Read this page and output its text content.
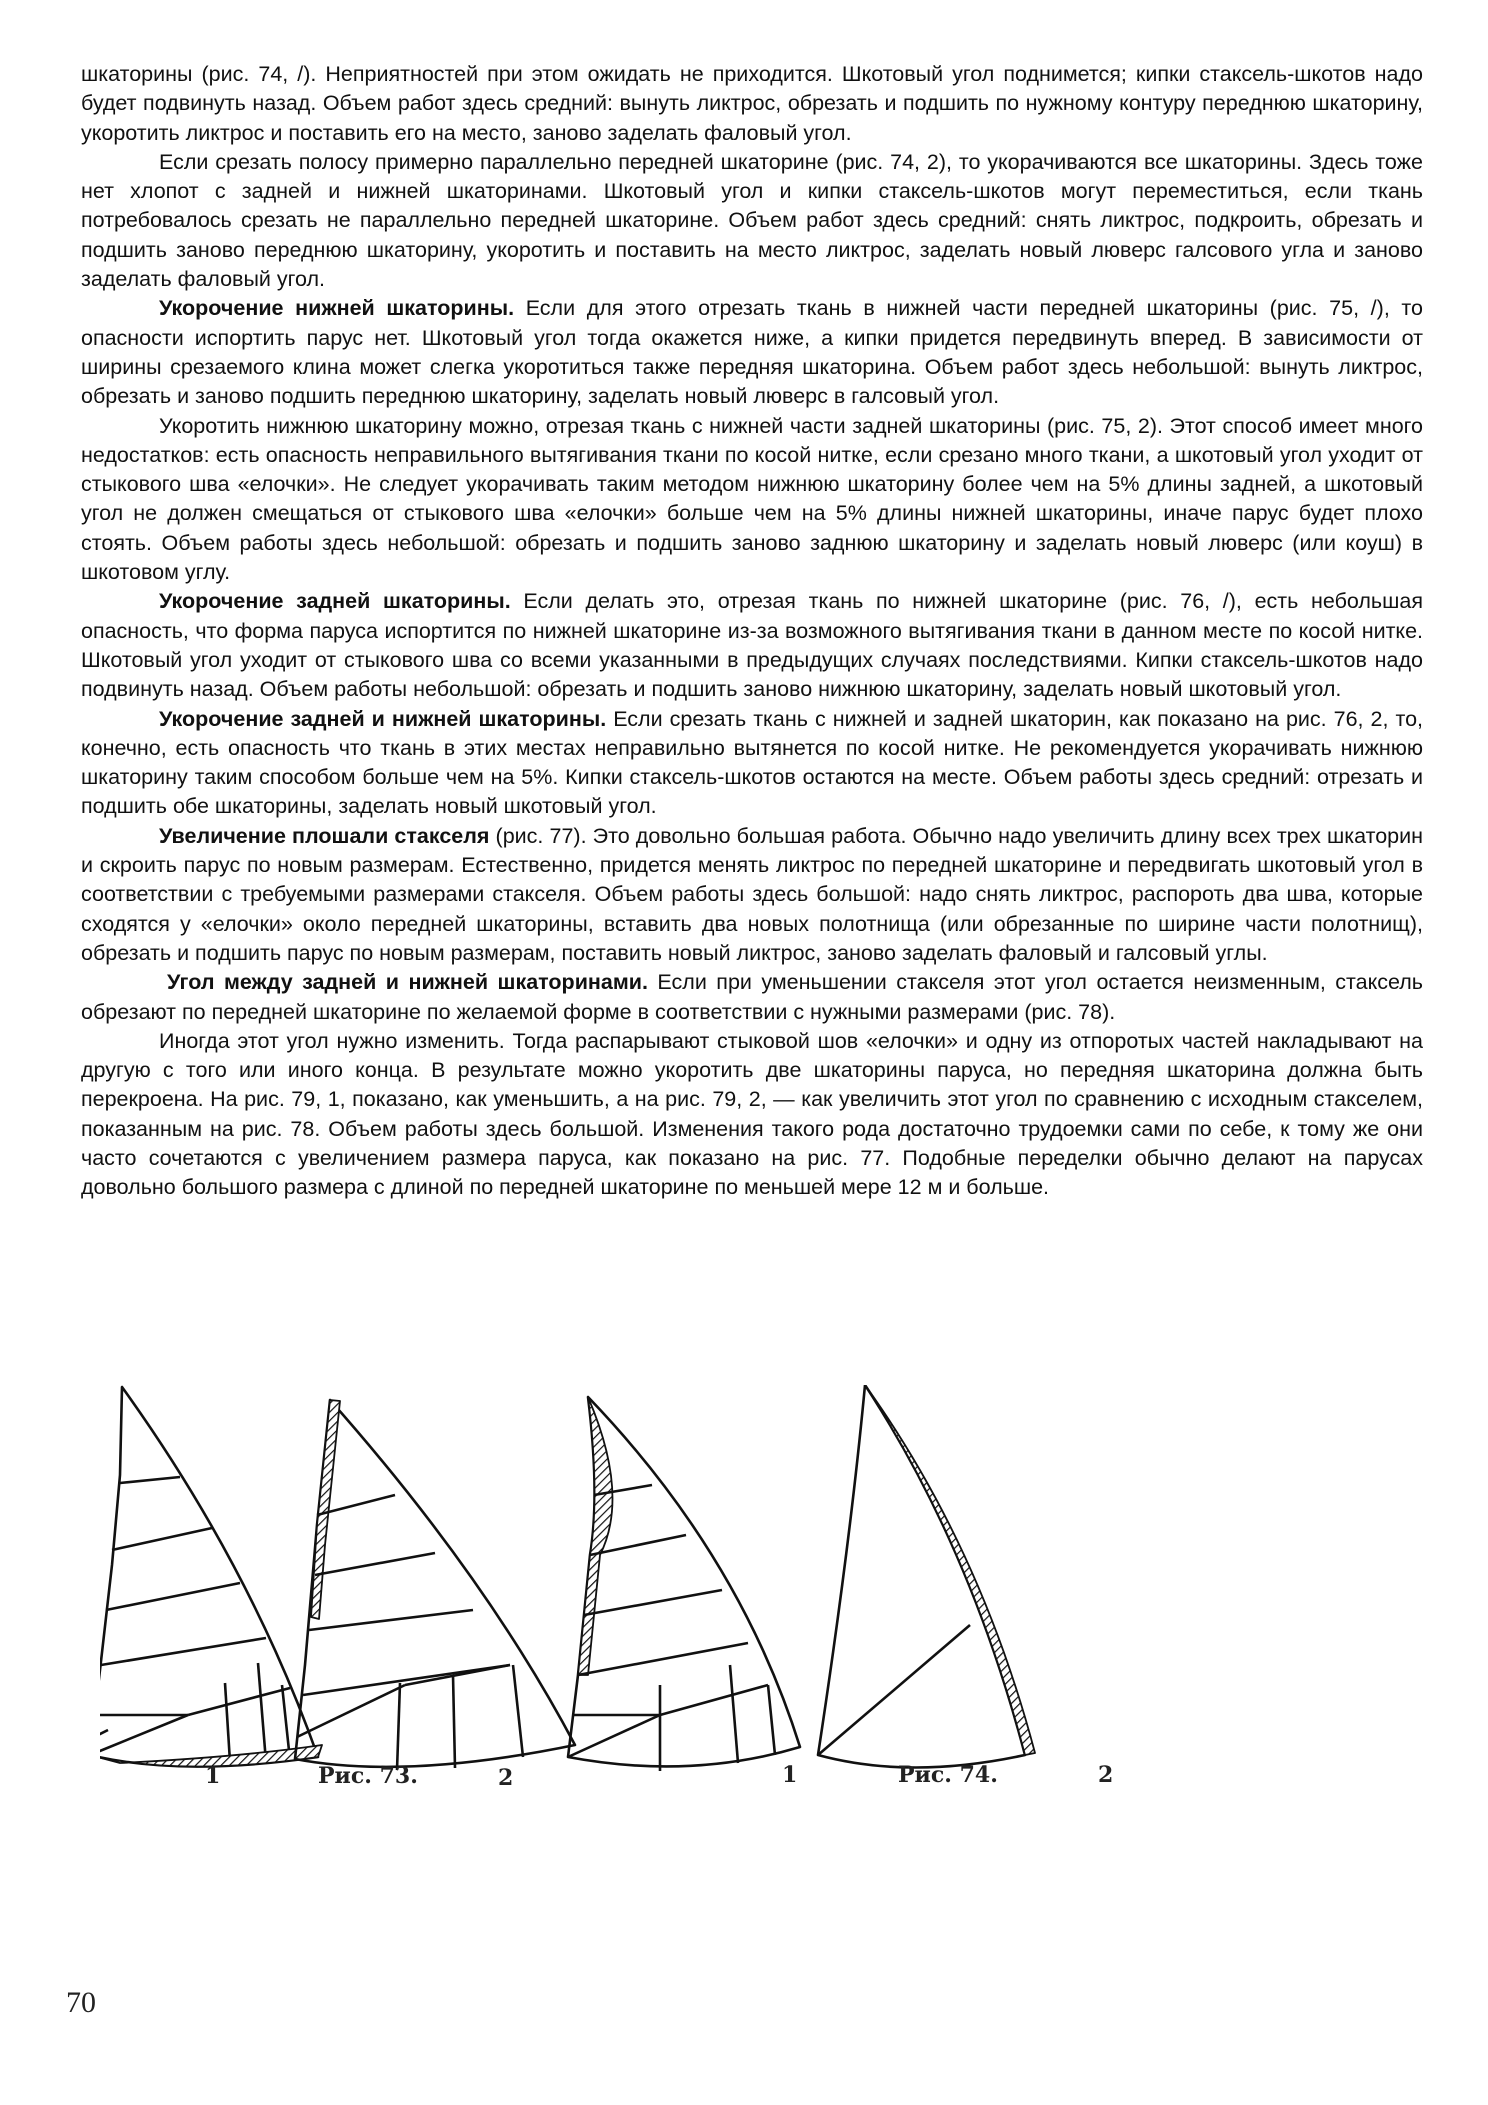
шкаторины (рис. 74, /). Неприятностей при этом ожидать не приходится. Шкотовый угол поднимется; кипки стаксель-шкотов надо будет подвинуть назад. Объем работ здесь средний: вынуть ликтрос, обрезать и подшить по нужному контуру переднюю шкаторину, укоротить ликтрос и поставить его на место, заново заделать фаловый угол.

Если срезать полосу примерно параллельно передней шкаторине (рис. 74, 2), то укорачиваются все шкаторины. Здесь тоже нет хлопот с задней и нижней шкаторинами. Шкотовый угол и кипки стаксель-шкотов могут переместиться, если ткань потребовалось срезать не параллельно передней шкаторине. Объем работ здесь средний: снять ликтрос, подкроить, обрезать и подшить заново переднюю шкаторину, укоротить и поставить на место ликтрос, заделать новый люверс галсового угла и заново заделать фаловый угол.

Укорочение нижней шкаторины. Если для этого отрезать ткань в нижней части передней шкаторины (рис. 75, /), то опасности испортить парус нет. Шкотовый угол тогда окажется ниже, а кипки придется передвинуть вперед. В зависимости от ширины срезаемого клина может слегка укоротиться также передняя шкаторина. Объем работ здесь небольшой: вынуть ликтрос, обрезать и заново подшить переднюю шкаторину, заделать новый люверс в галсовый угол.

Укоротить нижнюю шкаторину можно, отрезая ткань с нижней части задней шкаторины (рис. 75, 2). Этот способ имеет много недостатков: есть опасность неправильного вытягивания ткани по косой нитке, если срезано много ткани, а шкотовый угол уходит от стыкового шва «елочки». Не следует укорачивать таким методом нижнюю шкаторину более чем на 5% длины задней, а шкотовый угол не должен смещаться от стыкового шва «елочки» больше чем на 5% длины нижней шкаторины, иначе парус будет плохо стоять. Объем работы здесь небольшой: обрезать и подшить заново заднюю шкаторину и заделать новый люверс (или коуш) в шкотовом углу.

Укорочение задней шкаторины. Если делать это, отрезая ткань по нижней шкаторине (рис. 76, /), есть небольшая опасность, что форма паруса испортится по нижней шкаторине из-за возможного вытягивания ткани в данном месте по косой нитке. Шкотовый угол уходит от стыкового шва со всеми указанными в предыдущих случаях последствиями. Кипки стаксель-шкотов надо подвинуть назад. Объем работы небольшой: обрезать и подшить заново нижнюю шкаторину, заделать новый шкотовый угол.

Укорочение задней и нижней шкаторины. Если срезать ткань с нижней и задней шкаторин, как показано на рис. 76, 2, то, конечно, есть опасность что ткань в этих местах неправильно вытянется по косой нитке. Не рекомендуется укорачивать нижнюю шкаторину таким способом больше чем на 5%. Кипки стаксель-шкотов остаются на месте. Объем работы здесь средний: отрезать и подшить обе шкаторины, заделать новый шкотовый угол.

Увеличение плошали стакселя (рис. 77). Это довольно большая работа. Обычно надо увеличить длину всех трех шкаторин и скроить парус по новым размерам. Естественно, придется менять ликтрос по передней шкаторине и передвигать шкотовый угол в соответствии с требуемыми размерами стакселя. Объем работы здесь большой: надо снять ликтрос, распороть два шва, которые сходятся у «елочки» около передней шкаторины, вставить два новых полотнища (или обрезанные по ширине части полотнищ), обрезать и подшить парус по новым размерам, поставить новый ликтрос, заново заделать фаловый и галсовый углы.

Угол между задней и нижней шкаторинами. Если при уменьшении стакселя этот угол остается неизменным, стаксель обрезают по передней шкаторине по желаемой форме в соответствии с нужными размерами (рис. 78).

Иногда этот угол нужно изменить. Тогда распарывают стыковой шов «елочки» и одну из отпоротых частей накладывают на другую с того или иного конца. В результате можно укоротить две шкаторины паруса, но передняя шкаторина должна быть перекроена. На рис. 79, 1, показано, как уменьшить, а на рис. 79, 2, — как увеличить этот угол по сравнению с исходным стакселем, показанным на рис. 78. Объем работы здесь большой. Изменения такого рода достаточно трудоемки сами по себе, к тому же они часто сочетаются с увеличением размера паруса, как показано на рис. 77. Подобные переделки обычно делают на парусах довольно большого размера с длиной по передней шкаторине по меньшей мере 12 м и больше.

1	Рис. 73.	2	1	Рис. 74.	2
70
